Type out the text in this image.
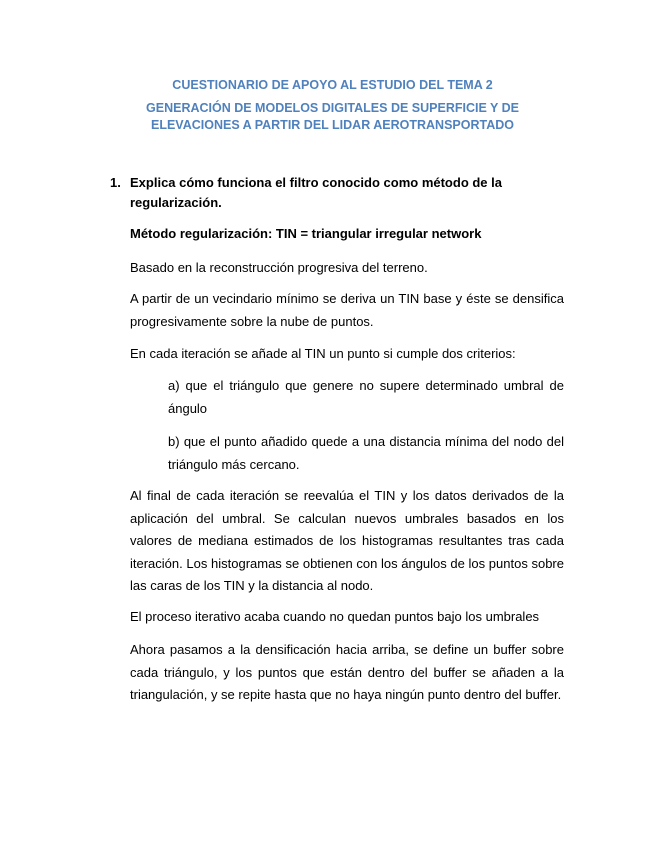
CUESTIONARIO DE APOYO AL ESTUDIO DEL TEMA 2
GENERACIÓN DE MODELOS DIGITALES DE SUPERFICIE Y DE ELEVACIONES A PARTIR DEL LIDAR AEROTRANSPORTADO
1. Explica cómo funciona el filtro conocido como método de la regularización.
Método regularización: TIN = triangular irregular network
Basado en la reconstrucción progresiva del terreno.
A partir de un vecindario mínimo se deriva un TIN base y éste se densifica progresivamente sobre la nube de puntos.
En cada iteración se añade al TIN un punto si cumple dos criterios:
a) que el triángulo que genere no supere determinado umbral de ángulo
b) que el punto añadido quede a una distancia mínima del nodo del triángulo más cercano.
Al final de cada iteración se reevalúa el TIN y los datos derivados de la aplicación del umbral. Se calculan nuevos umbrales basados en los valores de mediana estimados de los histogramas resultantes tras cada iteración. Los histogramas se obtienen con los ángulos de los puntos sobre las caras de los TIN y la distancia al nodo.
El proceso iterativo acaba cuando no quedan puntos bajo los umbrales
Ahora pasamos a la densificación hacia arriba, se define un buffer sobre cada triángulo, y los puntos que están dentro del buffer se añaden a la triangulación, y se repite hasta que no haya ningún punto dentro del buffer.
